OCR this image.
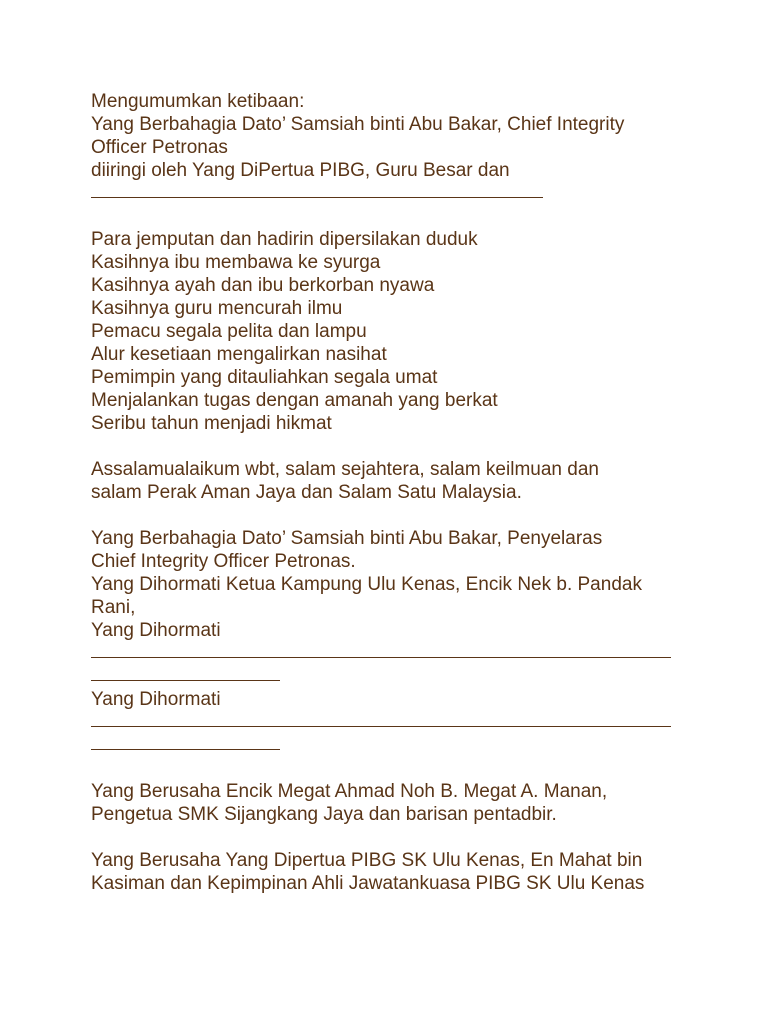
Mengumumkan ketibaan:
Yang Berbahagia Dato’ Samsiah binti Abu Bakar, Chief Integrity
Officer Petronas
diiringi oleh Yang DiPertua PIBG, Guru Besar dan
Para jemputan dan hadirin dipersilakan duduk
Kasihnya ibu membawa ke syurga
Kasihnya ayah dan ibu berkorban nyawa
Kasihnya guru mencurah ilmu
Pemacu segala pelita dan lampu
Alur kesetiaan mengalirkan nasihat
Pemimpin yang ditauliahkan segala umat
Menjalankan tugas dengan amanah yang berkat
Seribu tahun menjadi hikmat
Assalamualaikum wbt, salam sejahtera, salam keilmuan dan
salam Perak Aman Jaya dan Salam Satu Malaysia.
Yang Berbahagia Dato’ Samsiah binti Abu Bakar, Penyelaras
Chief Integrity Officer Petronas.
Yang Dihormati Ketua Kampung Ulu Kenas, Encik Nek b. Pandak
Rani,
Yang Dihormati
Yang Dihormati
Yang Berusaha Encik Megat Ahmad Noh B. Megat A. Manan,
Pengetua SMK Sijangkang Jaya dan barisan pentadbir.
Yang Berusaha Yang Dipertua PIBG SK Ulu Kenas, En Mahat bin
Kasiman dan Kepimpinan Ahli Jawatankuasa PIBG SK Ulu Kenas
